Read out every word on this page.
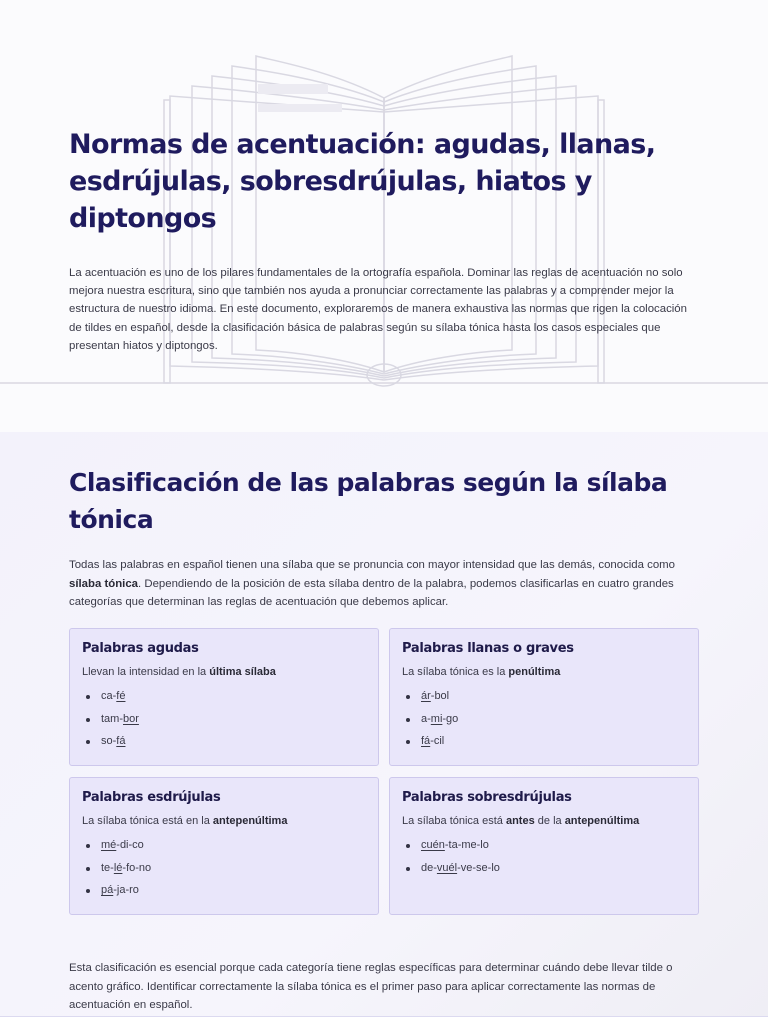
Normas de acentuación: agudas, llanas, esdrújulas, sobresdrújulas, hiatos y diptongos

La acentuación es uno de los pilares fundamentales de la ortografía española. Dominar las reglas de acentuación no solo mejora nuestra escritura, sino que también nos ayuda a pronunciar correctamente las palabras y a comprender mejor la estructura de nuestro idioma. En este documento, exploraremos de manera exhaustiva las normas que rigen la colocación de tildes en español, desde la clasificación básica de palabras según su sílaba tónica hasta los casos especiales que presentan hiatos y diptongos.

Clasificación de las palabras según la sílaba tónica

Todas las palabras en español tienen una sílaba que se pronuncia con mayor intensidad que las demás, conocida como sílaba tónica. Dependiendo de la posición de esta sílaba dentro de la palabra, podemos clasificarlas en cuatro grandes categorías que determinan las reglas de acentuación que debemos aplicar.

Palabras agudas
Llevan la intensidad en la última sílaba
ca-fé
tam-bor
so-fá
Palabras llanas o graves
La sílaba tónica es la penúltima
ár-bol
a-mi-go
fá-cil
Palabras esdrújulas
La sílaba tónica está en la antepenúltima
mé-di-co
te-lé-fo-no
pá-ja-ro
Palabras sobresdrújulas
La sílaba tónica está antes de la antepenúltima
cuén-ta-me-lo
de-vuél-ve-se-lo

Esta clasificación es esencial porque cada categoría tiene reglas específicas para determinar cuándo debe llevar tilde o acento gráfico. Identificar correctamente la sílaba tónica es el primer paso para aplicar correctamente las normas de acentuación en español.
